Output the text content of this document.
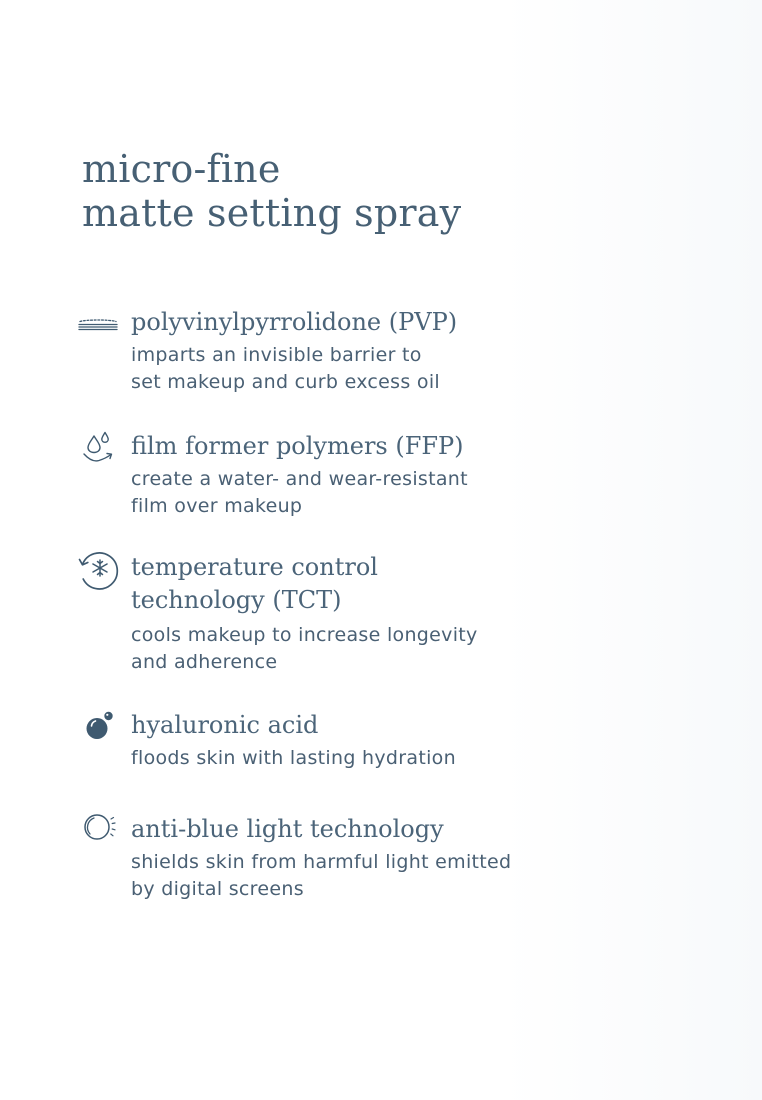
micro-fine
matte setting spray
polyvinylpyrrolidone (PVP)

imparts an invisible barrier to
set makeup and curb excess oil

film former polymers (FFP)

create a water- and wear-resistant
film over makeup

temperature control
technology (TCT)

cools makeup to increase longevity
and adherence

hyaluronic acid

floods skin with lasting hydration

anti-blue light technology

shields skin from harmful light emitted
by digital screens
